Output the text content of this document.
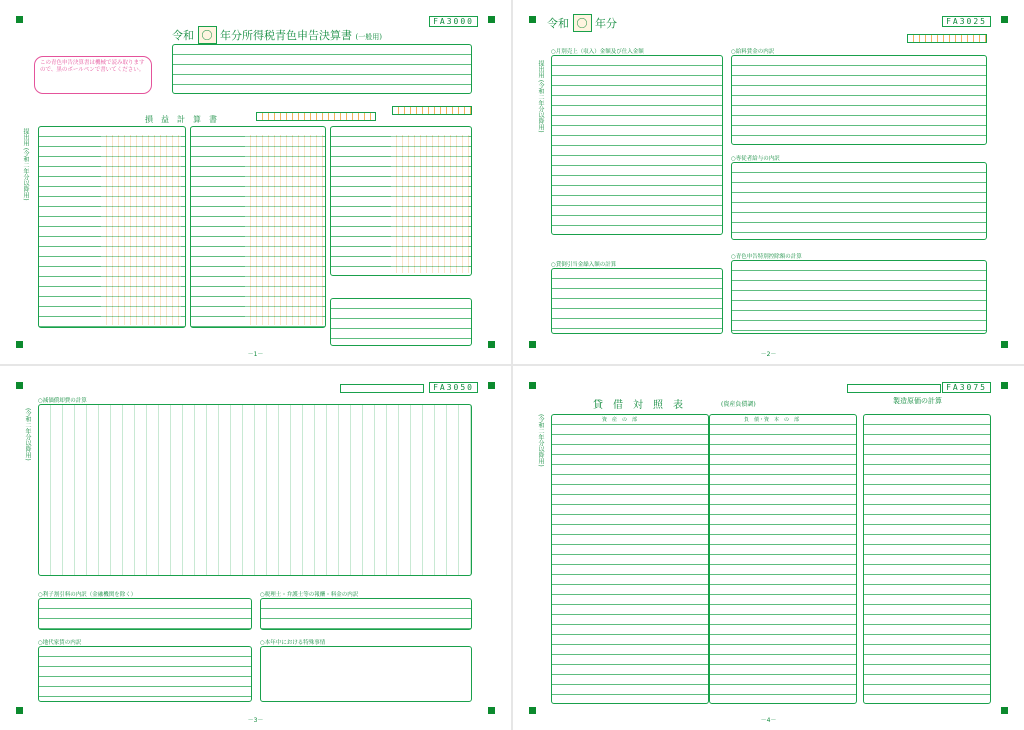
FA3000
令和 〇 年分所得税青色申告決算書 (一般用)
この青色申告決算書は機械で読み取りますので、黒のボールペンで書いてください。
損　益　計　算　書
提出用 (令和二年分以降用)
－1－
FA3025
令和 〇 年分
○月別売上（収入）金額及び仕入金額
提出用 (令和二年分以降用)
○給料賃金の内訳
○専従者給与の内訳
○貸倒引当金繰入額の計算
○青色申告特別控除額の計算
－2－
FA3050
○減価償却費の計算
(令和二年分以降用)
○利子割引料の内訳（金融機関を除く）	○税理士・弁護士等の報酬・料金の内訳
○地代家賃の内訳	○本年中における特殊事情
－3－
FA3075
貸　借　対　照　表	(資産負債調)	製造原価の計算
(令和二年分以降用)	資　産　の　部	負　債・資　本　の　部
－4－
